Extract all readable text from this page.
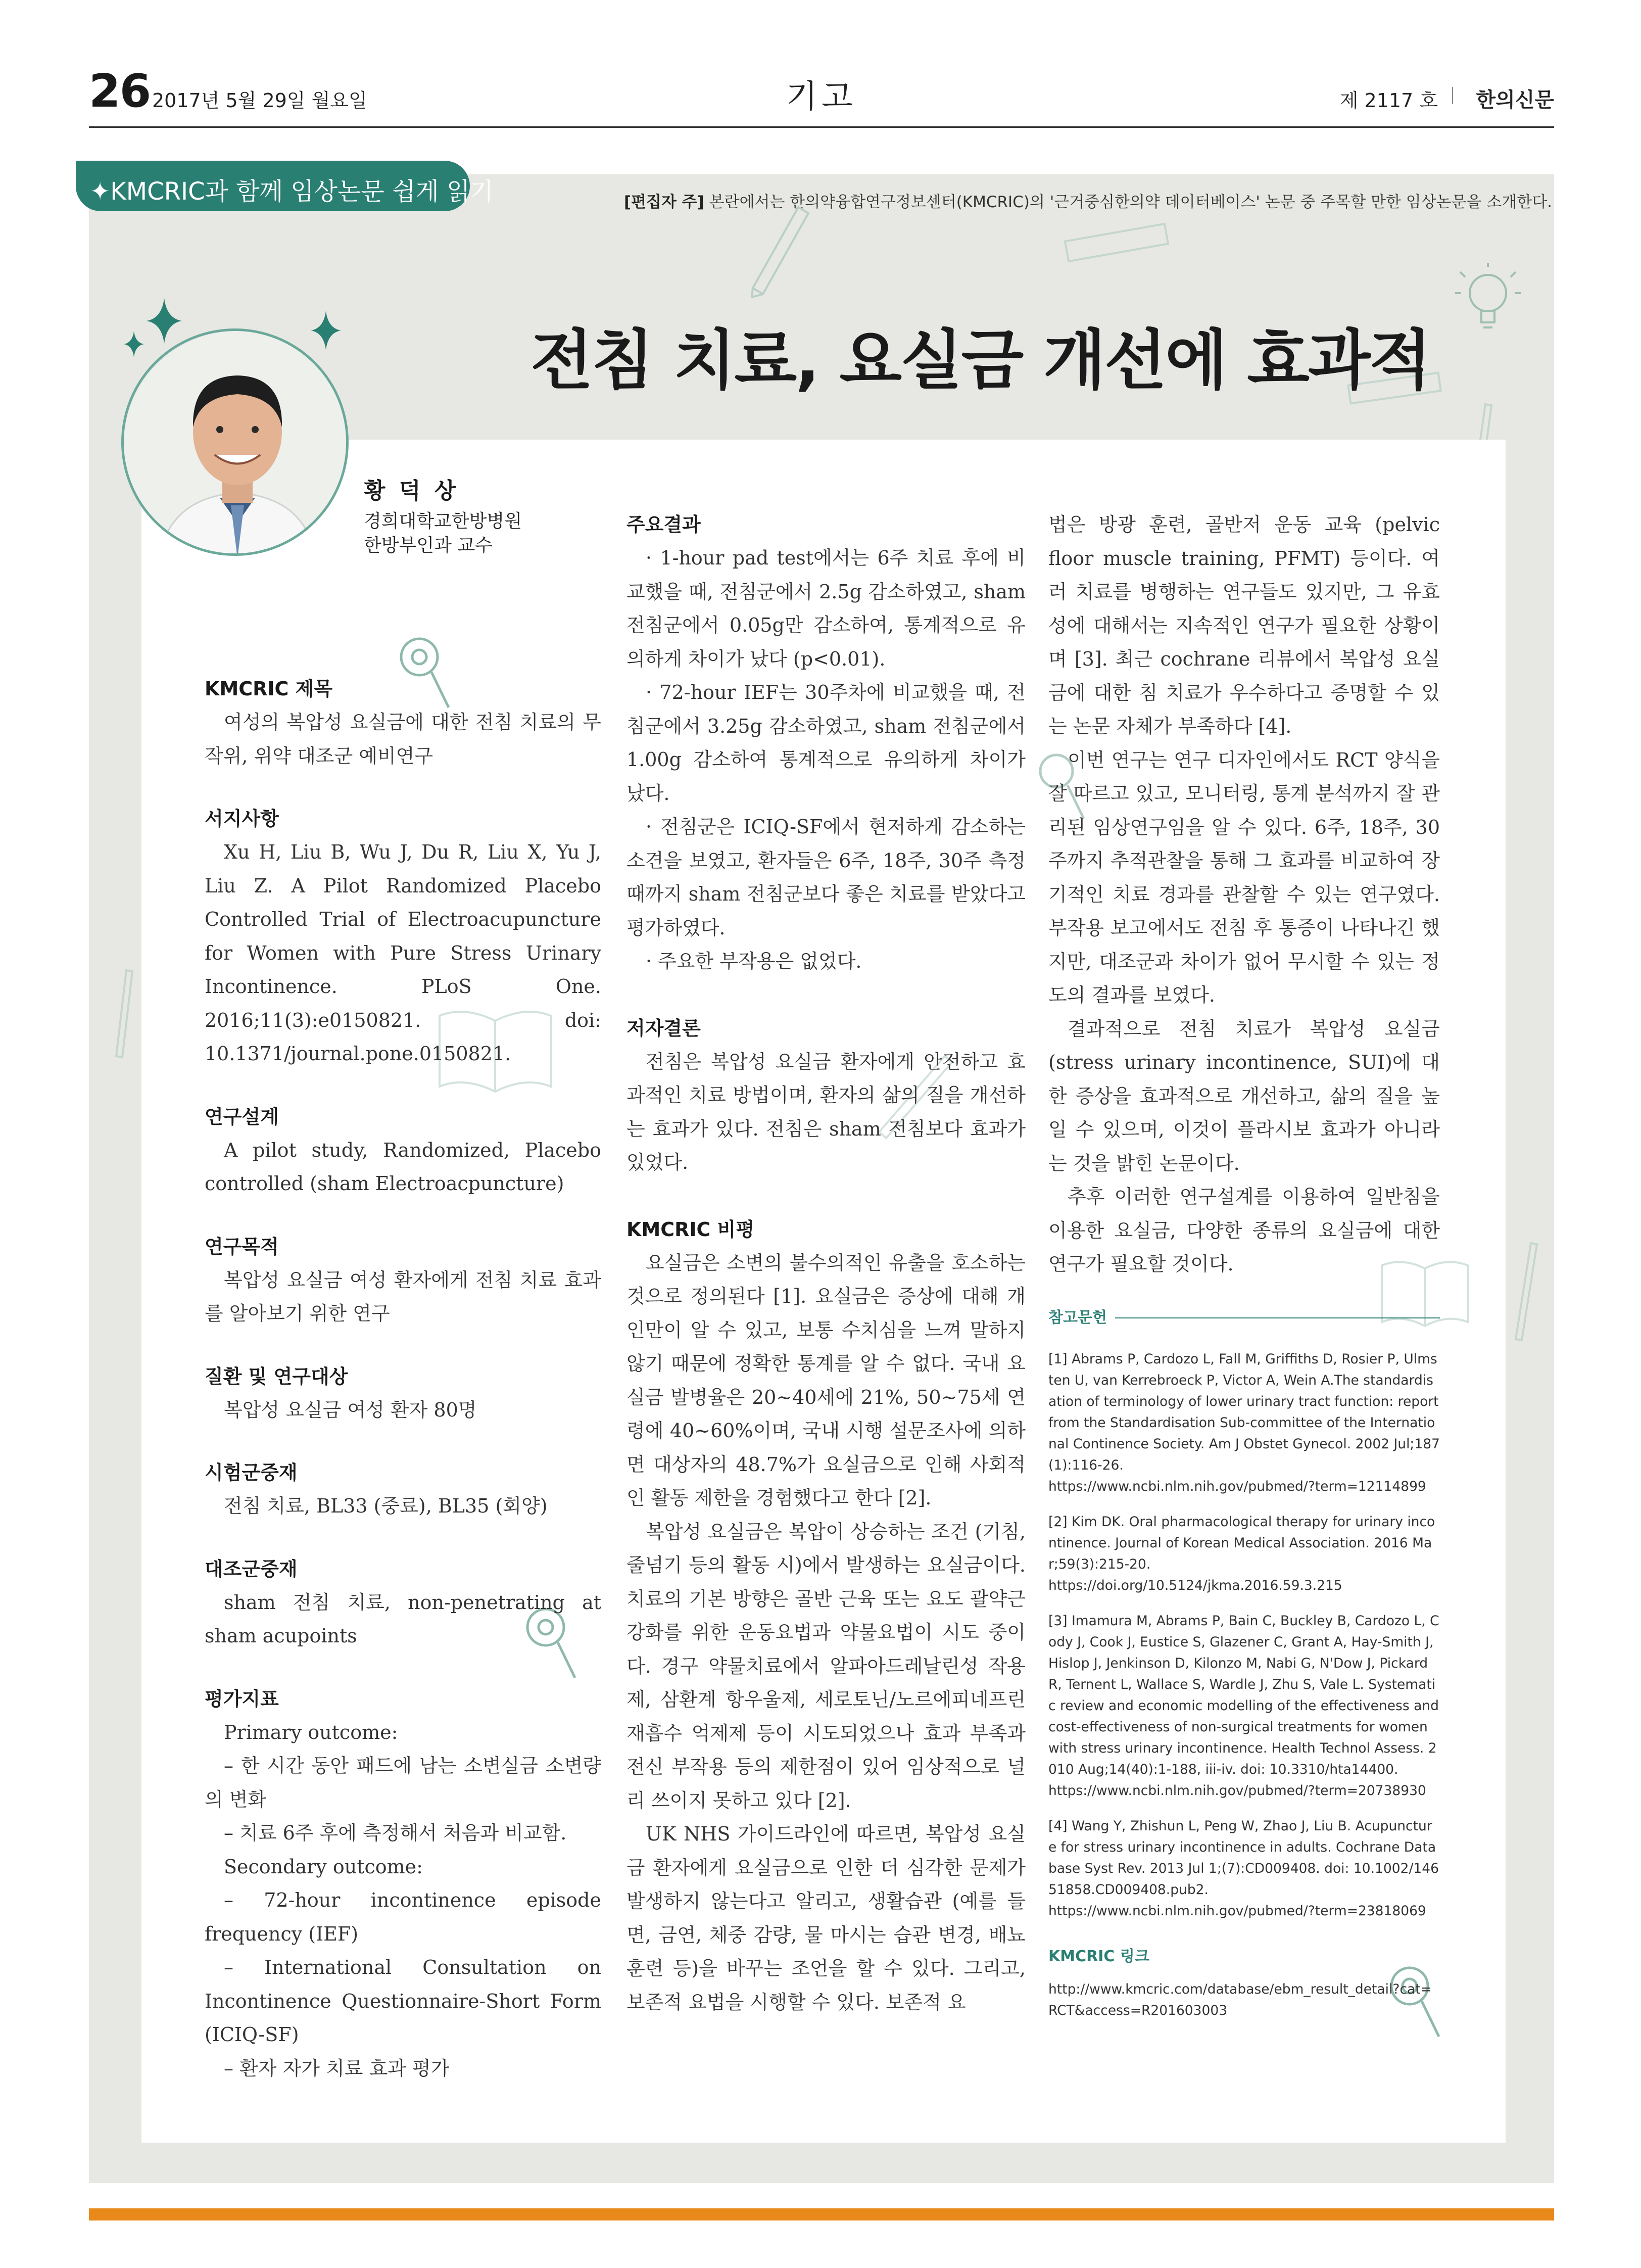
26 2017년 5월 29일 월요일	기고	제 2117 호 한의신문
✦KMCRIC과 함께 임상논문 쉽게 읽기	[편집자 주] 본란에서는 한의약융합연구정보센터(KMCRIC)의 '근거중심한의약 데이터베이스' 논문 중 주목할 만한 임상논문을 소개한다.
전침 치료, 요실금 개선에 효과적
황 덕 상
경희대학교한방병원
한방부인과 교수
KMCRIC 제목
여성의 복압성 요실금에 대한 전침 치료의 무작위, 위약 대조군 예비연구
서지사항
Xu H, Liu B, Wu J, Du R, Liu X, Yu J, Liu Z. A Pilot Randomized Placebo Controlled Trial of Electroacupuncture for Women with Pure Stress Urinary Incontinence. PLoS One. 2016;11(3):e0150821. doi: 10.1371/journal.pone.0150821.
연구설계
A pilot study, Randomized, Placebo controlled (sham Electroacpuncture)
연구목적
복압성 요실금 여성 환자에게 전침 치료 효과를 알아보기 위한 연구
질환 및 연구대상
복압성 요실금 여성 환자 80명
시험군중재
전침 치료, BL33 (중료), BL35 (회양)
대조군중재
sham 전침 치료, non-penetrating at sham acupoints
평가지표
Primary outcome:
– 한 시간 동안 패드에 남는 소변실금 소변량의 변화
– 치료 6주 후에 측정해서 처음과 비교함.
Secondary outcome:
– 72-hour incontinence episode frequency (IEF)
– International Consultation on Incontinence Questionnaire-Short Form (ICIQ-SF)
– 환자 자가 치료 효과 평가
주요결과
· 1-hour pad test에서는 6주 치료 후에 비교했을 때, 전침군에서 2.5g 감소하였고, sham 전침군에서 0.05g만 감소하여, 통계적으로 유의하게 차이가 났다 (p<0.01).
· 72-hour IEF는 30주차에 비교했을 때, 전침군에서 3.25g 감소하였고, sham 전침군에서 1.00g 감소하여 통계적으로 유의하게 차이가 났다.
· 전침군은 ICIQ-SF에서 현저하게 감소하는 소견을 보였고, 환자들은 6주, 18주, 30주 측정 때까지 sham 전침군보다 좋은 치료를 받았다고 평가하였다.
· 주요한 부작용은 없었다.
저자결론
전침은 복압성 요실금 환자에게 안전하고 효과적인 치료 방법이며, 환자의 삶의 질을 개선하는 효과가 있다. 전침은 sham 전침보다 효과가 있었다.
KMCRIC 비평
요실금은 소변의 불수의적인 유출을 호소하는 것으로 정의된다 [1]. 요실금은 증상에 대해 개인만이 알 수 있고, 보통 수치심을 느껴 말하지 않기 때문에 정확한 통계를 알 수 없다. 국내 요실금 발병율은 20~40세에 21%, 50~75세 연령에 40~60%이며, 국내 시행 설문조사에 의하면 대상자의 48.7%가 요실금으로 인해 사회적인 활동 제한을 경험했다고 한다 [2].
복압성 요실금은 복압이 상승하는 조건 (기침, 줄넘기 등의 활동 시)에서 발생하는 요실금이다. 치료의 기본 방향은 골반 근육 또는 요도 괄약근 강화를 위한 운동요법과 약물요법이 시도 중이다. 경구 약물치료에서 알파아드레날린성 작용제, 삼환계 항우울제, 세로토닌/노르에피네프린 재흡수 억제제 등이 시도되었으나 효과 부족과 전신 부작용 등의 제한점이 있어 임상적으로 널리 쓰이지 못하고 있다 [2].
UK NHS 가이드라인에 따르면, 복압성 요실금 환자에게 요실금으로 인한 더 심각한 문제가 발생하지 않는다고 알리고, 생활습관 (예를 들면, 금연, 체중 감량, 물 마시는 습관 변경, 배뇨 훈련 등)을 바꾸는 조언을 할 수 있다. 그리고, 보존적 요법을 시행할 수 있다. 보존적 요
법은 방광 훈련, 골반저 운동 교육 (pelvic floor muscle training, PFMT) 등이다. 여러 치료를 병행하는 연구들도 있지만, 그 유효성에 대해서는 지속적인 연구가 필요한 상황이며 [3]. 최근 cochrane 리뷰에서 복압성 요실금에 대한 침 치료가 우수하다고 증명할 수 있는 논문 자체가 부족하다 [4].
이번 연구는 연구 디자인에서도 RCT 양식을 잘 따르고 있고, 모니터링, 통계 분석까지 잘 관리된 임상연구임을 알 수 있다. 6주, 18주, 30주까지 추적관찰을 통해 그 효과를 비교하여 장기적인 치료 경과를 관찰할 수 있는 연구였다. 부작용 보고에서도 전침 후 통증이 나타나긴 했지만, 대조군과 차이가 없어 무시할 수 있는 정도의 결과를 보였다.
결과적으로 전침 치료가 복압성 요실금 (stress urinary incontinence, SUI)에 대한 증상을 효과적으로 개선하고, 삶의 질을 높일 수 있으며, 이것이 플라시보 효과가 아니라는 것을 밝힌 논문이다.
추후 이러한 연구설계를 이용하여 일반침을 이용한 요실금, 다양한 종류의 요실금에 대한 연구가 필요할 것이다.
참고문헌
[1] Abrams P, Cardozo L, Fall M, Griffiths D, Rosier P, Ulmsten U, van Kerrebroeck P, Victor A, Wein A.The standardisation of terminology of lower urinary tract function: report from the Standardisation Sub-committee of the International Continence Society. Am J Obstet Gynecol. 2002 Jul;187(1):116-26.
https://www.ncbi.nlm.nih.gov/pubmed/?term=12114899
[2] Kim DK. Oral pharmacological therapy for urinary incontinence. Journal of Korean Medical Association. 2016 Mar;59(3):215-20.
https://doi.org/10.5124/jkma.2016.59.3.215
[3] Imamura M, Abrams P, Bain C, Buckley B, Cardozo L, Cody J, Cook J, Eustice S, Glazener C, Grant A, Hay-Smith J, Hislop J, Jenkinson D, Kilonzo M, Nabi G, N'Dow J, Pickard R, Ternent L, Wallace S, Wardle J, Zhu S, Vale L. Systematic review and economic modelling of the effectiveness and cost-effectiveness of non-surgical treatments for women with stress urinary incontinence. Health Technol Assess. 2010 Aug;14(40):1-188, iii-iv. doi: 10.3310/hta14400.
https://www.ncbi.nlm.nih.gov/pubmed/?term=20738930
[4] Wang Y, Zhishun L, Peng W, Zhao J, Liu B. Acupuncture for stress urinary incontinence in adults. Cochrane Database Syst Rev. 2013 Jul 1;(7):CD009408. doi: 10.1002/14651858.CD009408.pub2.
https://www.ncbi.nlm.nih.gov/pubmed/?term=23818069
KMCRIC 링크
http://www.kmcric.com/database/ebm_result_detail?cat=RCT&access=R201603003
